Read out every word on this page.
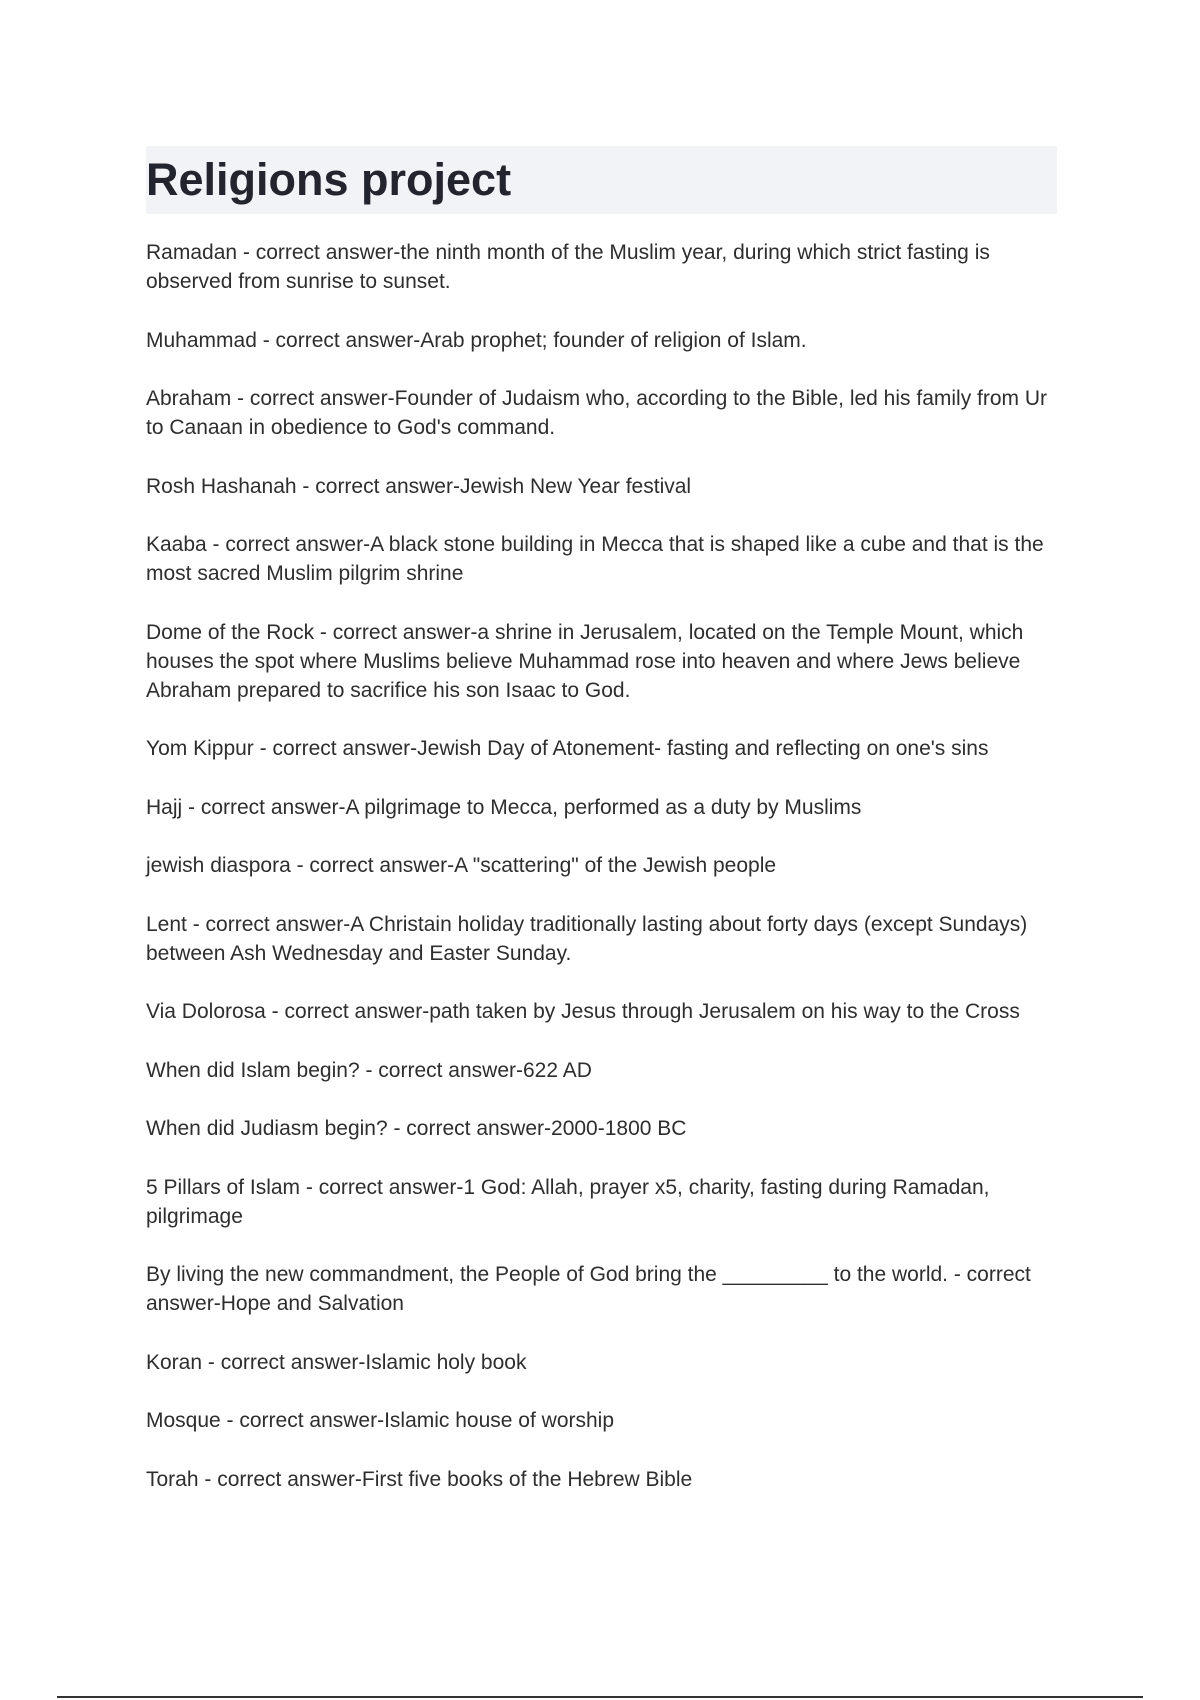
Religions project
Ramadan - correct answer-the ninth month of the Muslim year, during which strict fasting is observed from sunrise to sunset.
Muhammad - correct answer-Arab prophet; founder of religion of Islam.
Abraham - correct answer-Founder of Judaism who, according to the Bible, led his family from Ur to Canaan in obedience to God's command.
Rosh Hashanah - correct answer-Jewish New Year festival
Kaaba - correct answer-A black stone building in Mecca that is shaped like a cube and that is the most sacred Muslim pilgrim shrine
Dome of the Rock - correct answer-a shrine in Jerusalem, located on the Temple Mount, which houses the spot where Muslims believe Muhammad rose into heaven and where Jews believe Abraham prepared to sacrifice his son Isaac to God.
Yom Kippur - correct answer-Jewish Day of Atonement- fasting and reflecting on one's sins
Hajj - correct answer-A pilgrimage to Mecca, performed as a duty by Muslims
jewish diaspora - correct answer-A "scattering" of the Jewish people
Lent - correct answer-A Christain holiday traditionally lasting about forty days (except Sundays) between Ash Wednesday and Easter Sunday.
Via Dolorosa - correct answer-path taken by Jesus through Jerusalem on his way to the Cross
When did Islam begin? - correct answer-622 AD
When did Judiasm begin? - correct answer-2000-1800 BC
5 Pillars of Islam - correct answer-1 God: Allah, prayer x5, charity, fasting during Ramadan, pilgrimage
By living the new commandment, the People of God bring the _________ to the world. - correct answer-Hope and Salvation
Koran - correct answer-Islamic holy book
Mosque - correct answer-Islamic house of worship
Torah - correct answer-First five books of the Hebrew Bible
